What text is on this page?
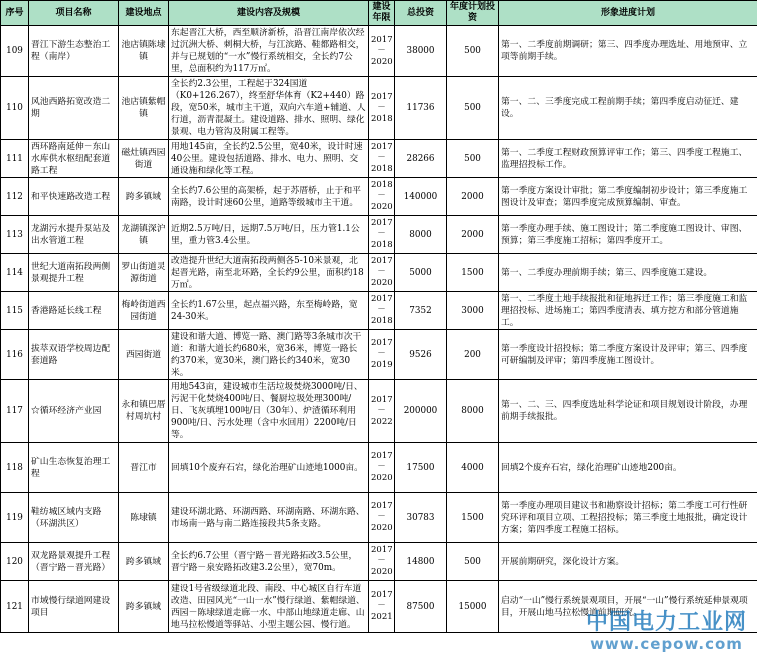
序号	项目名称	建设地点	建设内容及规模	建设年限	总投资	年度计划投资	形象进度计划
109	晋江下游生态整治工程（南岸）	池店镇陈埭镇	东起晋江大桥，西至顺济新桥，沿晋江南岸依次经过沉洲大桥、刺桐大桥，与江滨路、鞋都路相交，并与已规划的“一水”慢行系统相交，全长约7公里，总面积约为117万㎡。	2017－2020	38000	500	第一、二季度前期调研；第三、四季度办理选址、用地预审、立项等前期手续。
110	风池西路拓宽改造二期	池店镇紫帽镇	全长约2.3公里，工程起于324国道（K0+126.267），终至舒华体育（K2+440）路段，宽50米，城市主干道，双向六车道+辅道、人行道，沥青混凝土。建设道路、排水、照明、绿化景观、电力管沟及附属工程等。	2017－2018	11736	500	第一、二、三季度完成工程前期手续；第四季度启动征迁、建设。
111	西环路南延伸－东山水库供水枢纽配套道路工程	磁灶镇西园街道	用地145亩，全长约2.5公里，宽40米，设计时速40公里。建设包括道路、排水、电力、照明、交通设施和绿化等工程。	2017－2018	28266	500	第一、二季度工程财政预算评审工作；第三、四季度工程施工、监理招投标工作。
112	和平快速路改造工程	跨多镇域	全长约7.6公里的高架桥，起于苏厝桥，止于和平南路，设计时速60公里，道路等级城市主干道。	2018－2020	140000	2000	第一季度方案设计审批；第二季度编制初步设计；第三季度施工图设计及审查；第四季度完成预算编制、审查。
113	龙湖污水提升泵站及出水管道工程	龙湖镇深沪镇	近期2.5万吨/日，远期7.5万吨/日，压力管1.1公里，重力管3.4公里。	2017－2018	8000	2000	第一季度办理手续、施工图设计；第二季度施工图设计、审图、预算；第三季度施工招标；第四季度开工。
114	世纪大道南拓段两侧景观提升工程	罗山街道灵源街道	改造提升世纪大道南拓段两侧各5-10米景观，北起晋光路，南至北环路，全长约9公里，面积约18万㎡。	2017－2020	5000	1500	第一、二季度办理前期手续；第三、四季度施工建设。
115	香港路延长线工程	梅岭街道西园街道	全长约1.67公里，起点福兴路，东至梅岭路，宽24-30米。	2017－2018	7352	3000	第一、二季度土地手续报批和征地拆迁工作；第三季度施工和监理招投标、进场施工；第四季度清表、填方挖方和部分管道施工。
116	拔萃双语学校周边配套道路	西园街道	建设和谐大道、博览一路、澳门路等3条城市次干道：和谐大道长约680米，宽36米，博览一路长约370米，宽30米，澳门路长约340米，宽30米。	2017－2019	9526	200	第一季度设计招投标；第二季度方案设计及评审；第三、四季度可研编制及评审；第四季度施工图设计。
117	☆循环经济产业园	永和镇巴厝村周坑村	用地543亩，建设城市生活垃圾焚烧3000吨/日、污泥干化焚烧400吨/日、餐厨垃圾处理300吨/日、飞灰填埋100吨/日（30年）、炉渣循环利用900吨/日、污水处理（含中水回用）2200吨/日等。	2017－2022	200000	8000	第一、二、三、四季度选址科学论证和项目规划设计阶段，办理前期手续报批。
118	矿山生态恢复治理工程	晋江市	回填10个废弃石宕，绿化治理矿山迹地1000亩。	2017－2020	17500	4000	回填2个废弃石宕，绿化治理矿山迹地200亩。
119	鞋纺城区域内支路（环湖洪区）	陈埭镇	建设环湖北路、环湖西路、环湖南路、环湖东路、市场南一路与南二路连接段共5条支路。	2017－2020	30783	1500	第一季度办理项目建议书和勘察设计招标；第二季度工可行性研究环评和项目立项、工程招投标；第三季度土地报批，确定设计方案；第四季度工程施工招标。
120	双龙路景观提升工程（晋宁路－晋光路）	跨多镇域	全长约6.7公里（晋宁路－晋光路拓改3.5公里，晋宁路－泉安路拓改建3.2公里），宽70m。	2017－2020	14800	500	开展前期研究，深化设计方案。
121	市域慢行绿道网建设项目	跨多镇域	建设1号省级绿道北段、南段、中心城区自行车道改造、田园风光“一山一水”慢行绿道、紫帽绿道、西园－陈埭绿道走廊一水、中部山地绿道走廊、山地马拉松慢道等驿站、小型主题公园、慢行道。	2017－2021	87500	15000	启动“一山”慢行系统景观项目，开展“一山”慢行系统延伸景观项目，开展山地马拉松慢道前期研究。
中国电力工业网
www.cepow.com
